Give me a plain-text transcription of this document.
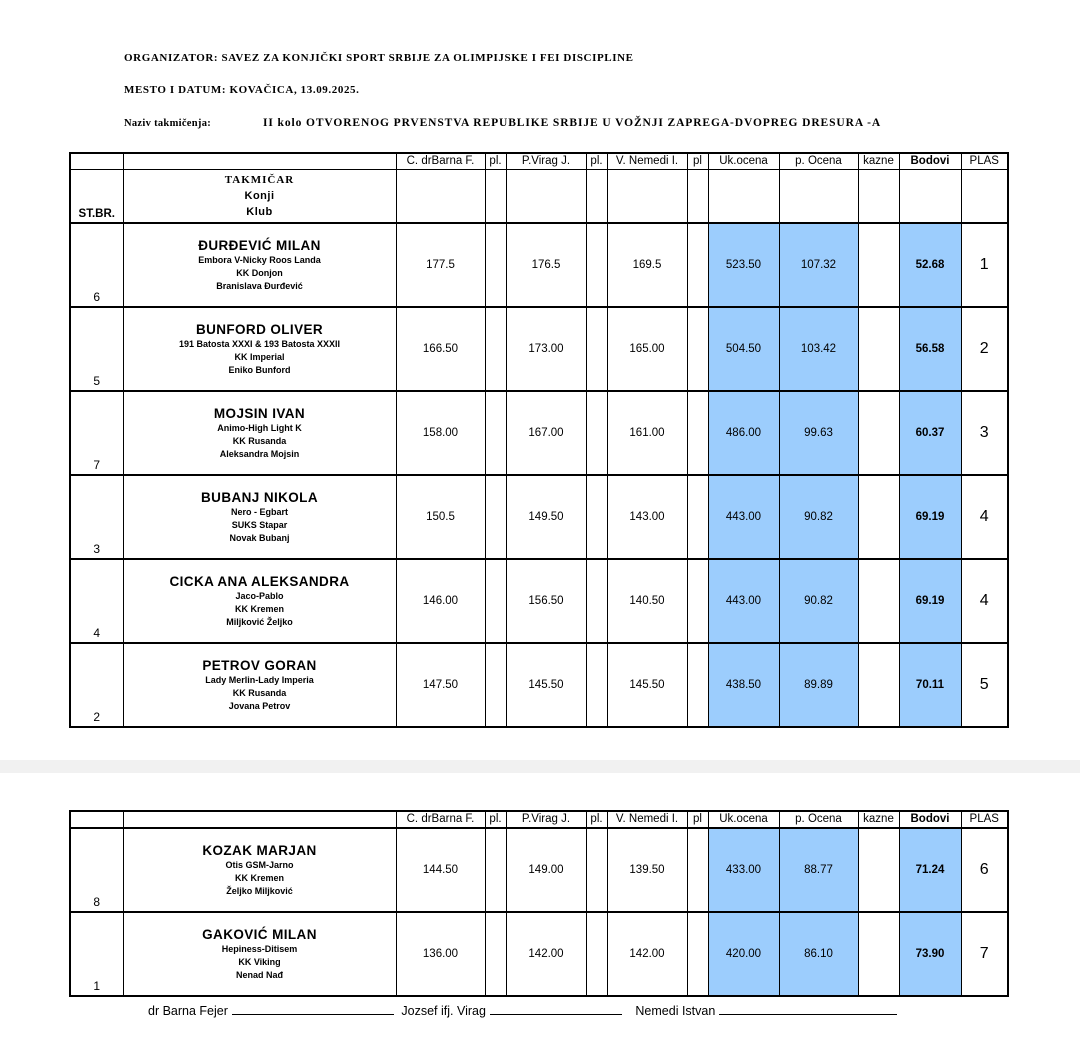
ORGANIZATOR: SAVEZ ZA KONJIČKI SPORT SRBIJE ZA OLIMPIJSKE I FEI DISCIPLINE
MESTO I DATUM: KOVAČICA, 13.09.2025.
Naziv takmičenja:	II kolo OTVORENOG PRVENSTVA REPUBLIKE SRBIJE U VOŽNJI ZAPREGA-DVOPREG DRESURA -A
		C. drBarna F.	pl.	P.Virag J.	pl.	V. Nemedi I.	pl	Uk.ocena	p. Ocena	kazne	Bodovi	PLAS
ST.BR.	TAKMIČAR
Konji
Klub											

6	ĐURĐEVIĆ MILAN
Embora V-Nicky Roos Landa
KK Donjon
Branislava Đurđević	177.5		176.5		169.5		523.50	107.32		52.68	1
5	BUNFORD OLIVER
191 Batosta XXXI & 193 Batosta XXXII
KK Imperial
Eniko Bunford	166.50		173.00		165.00		504.50	103.42		56.58	2
7	MOJSIN IVAN
Animo-High Light K
KK Rusanda
Aleksandra Mojsin	158.00		167.00		161.00		486.00	99.63		60.37	3
3	BUBANJ NIKOLA
Nero - Egbart
SUKS Stapar
Novak Bubanj	150.5		149.50		143.00		443.00	90.82		69.19	4
4	CICKA ANA ALEKSANDRA
Jaco-Pablo
KK Kremen
Miljković Željko	146.00		156.50		140.50		443.00	90.82		69.19	4
2	PETROV GORAN
Lady Merlin-Lady Imperia
KK Rusanda
Jovana Petrov	147.50		145.50		145.50		438.50	89.89		70.11	5
		C. drBarna F.	pl.	P.Virag J.	pl.	V. Nemedi I.	pl	Uk.ocena	p. Ocena	kazne	Bodovi	PLAS
8	KOZAK MARJAN
Otis GSM-Jarno
KK Kremen
Željko Miljković	144.50		149.00		139.50		433.00	88.77		71.24	6
1	GAKOVIĆ MILAN
Hepiness-Ditisem
KK Viking
Nenad Nađ	136.00		142.00		142.00		420.00	86.10		73.90	7
dr Barna Fejer	Jozsef ifj. Virag	Nemedi Istvan
